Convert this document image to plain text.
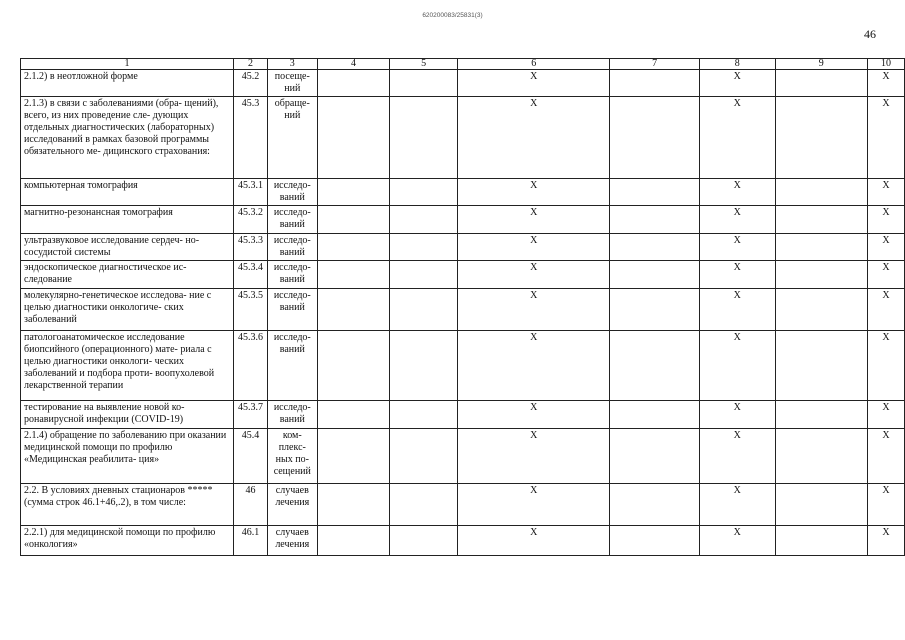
620200083/25831(3)
46
1	2	3	4	5	6	7	8	9	10
2.1.2) в неотложной форме	45.2	посеще- ний			X		X		X
2.1.3) в связи с заболеваниями (обра- щений), всего, из них проведение сле- дующих отдельных диагностических (лабораторных) исследований в рамках базовой программы обязательного ме- дицинского страхования:	45.3	обраще- ний			X		X		X
компьютерная томография	45.3.1	исследо- ваний			X		X		X
магнитно-резонансная томография	45.3.2	исследо- ваний			X		X		X
ультразвуковое исследование сердеч- но-сосудистой системы	45.3.3	исследо- ваний			X		X		X
эндоскопическое диагностическое ис- следование	45.3.4	исследо- ваний			X		X		X
молекулярно-генетическое исследова- ние с целью диагностики онкологиче- ских заболеваний	45.3.5	исследо- ваний			X		X		X
патологоанатомическое исследование биопсийного (операционного) мате- риала с целью диагностики онкологи- ческих заболеваний и подбора проти- воопухолевой лекарственной терапии	45.3.6	исследо- ваний			X		X		X
тестирование на выявление новой ко- ронавирусной инфекции (COVID-19)	45.3.7	исследо- ваний			X		X		X
2.1.4) обращение по заболеванию при оказании медицинской помощи по профилю «Медицинская реабилита- ция»	45.4	ком- плекс- ных по- сещений			X		X		X
2.2. В условиях дневных стационаров *****(сумма строк 46.1+46,.2), в том числе:	46	случаев лечения			X		X		X
2.2.1) для медицинской помощи по профилю «онкология»	46.1	случаев лечения			X		X		X
